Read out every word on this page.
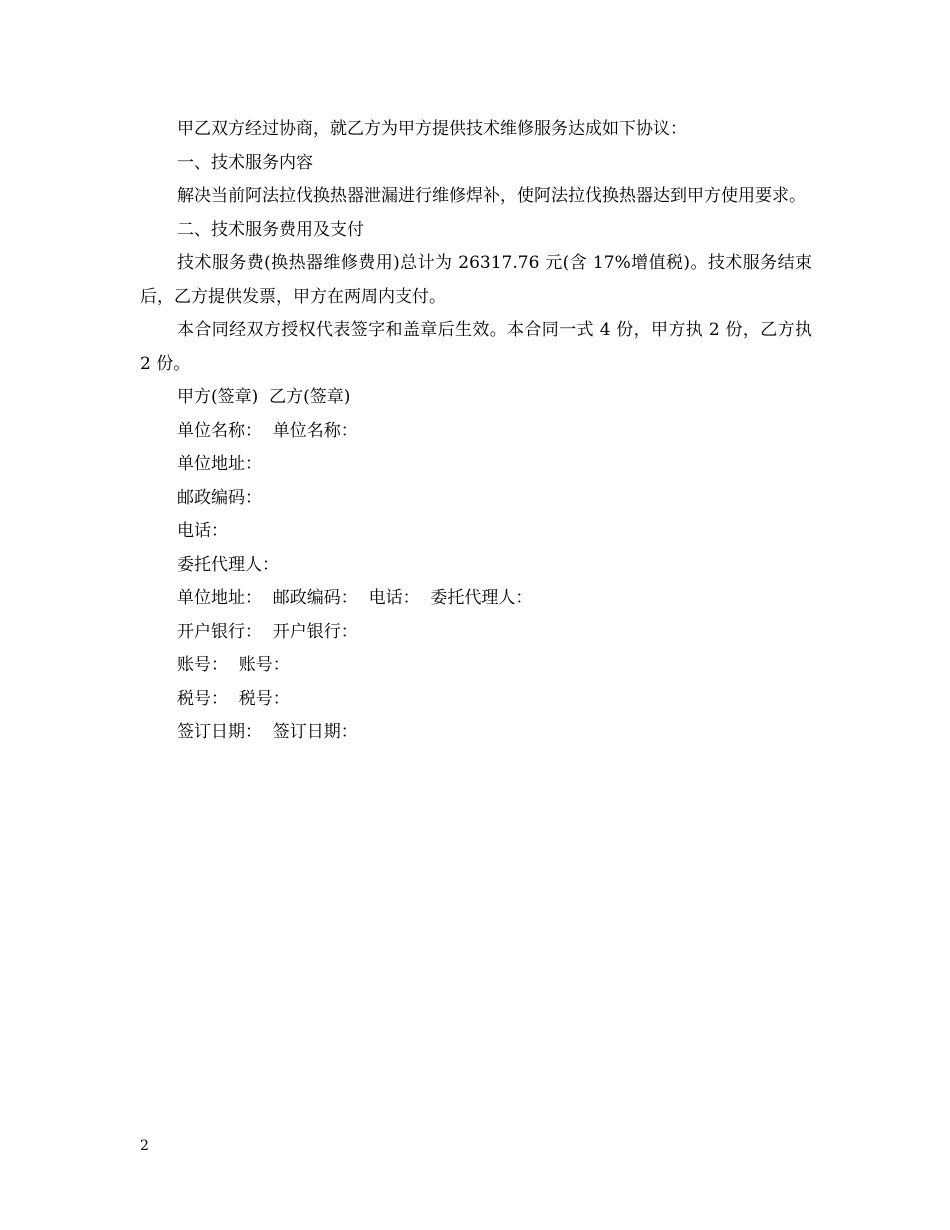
甲乙双方经过协商，就乙方为甲方提供技术维修服务达成如下协议：

一、技术服务内容

解决当前阿法拉伐换热器泄漏进行维修焊补，使阿法拉伐换热器达到甲方使用要求。

二、技术服务费用及支付

技术服务费(换热器维修费用)总计为 26317.76 元(含 17%增值税)。技术服务结束后，乙方提供发票，甲方在两周内支付。

本合同经双方授权代表签字和盖章后生效。本合同一式 4 份，甲方执 2 份，乙方执 2 份。

甲方(签章)  乙方(签章)

单位名称：  单位名称：

单位地址：

邮政编码：

电话：

委托代理人：

单位地址：  邮政编码：  电话：  委托代理人：

开户银行：  开户银行：

账号：  账号：

税号：  税号：

签订日期：  签订日期：

2
